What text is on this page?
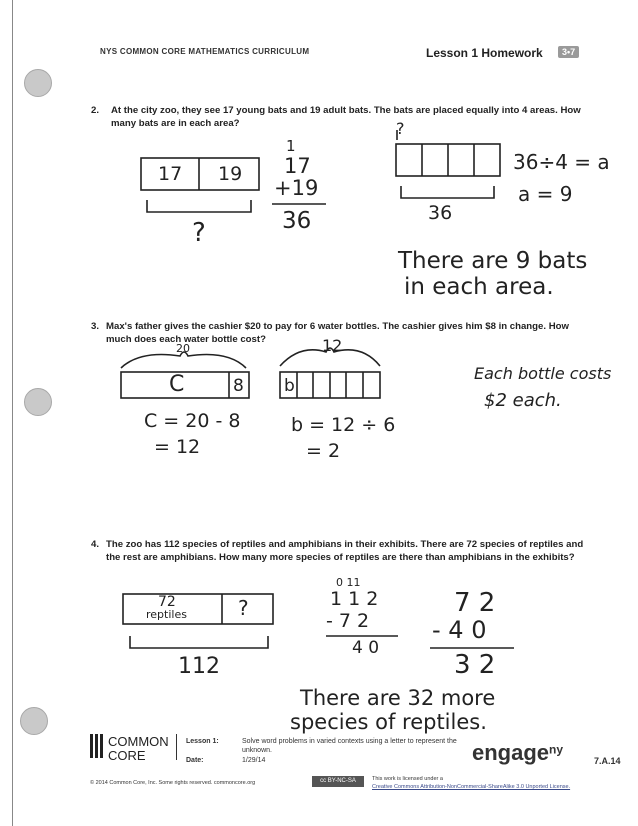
NYS COMMON CORE MATHEMATICS CURRICULUM	Lesson 1 Homework	3•7
2. At the city zoo, they see 17 young bats and 19 adult bats. The bats are placed equally into 4 areas. How
many bats are in each area?
17 19
?
1
17
+19
36
?
36
36÷4 = a
a = 9
There are 9 bats
in each area.
3. Max's father gives the cashier $20 to pay for 6 water bottles. The cashier gives him $8 in change. How
much does each water bottle cost?
20
C	8
12
b
C = 20 - 8
= 12
b = 12 ÷ 6
= 2
Each bottle costs
$2 each.
4. The zoo has 112 species of reptiles and amphibians in their exhibits. There are 72 species of reptiles and
the rest are amphibians. How many more species of reptiles are there than amphibians in the exhibits?
72
reptiles	?
112
0 11
1 1 2
- 7 2
4 0
7 2
- 4 0
3 2
There are 32 more
species of reptiles.
COMMON
CORE
Lesson 1:	Solve word problems in varied contexts using a letter to represent the
unknown.
Date:	1/29/14	engage$^{ny}$
7.A.14
© 2014 Common Core, Inc. Some rights reserved. commoncore.org	cc BY-NC-SA	This work is licensed under a
Creative Commons Attribution-NonCommercial-ShareAlike 3.0 Unported License.
